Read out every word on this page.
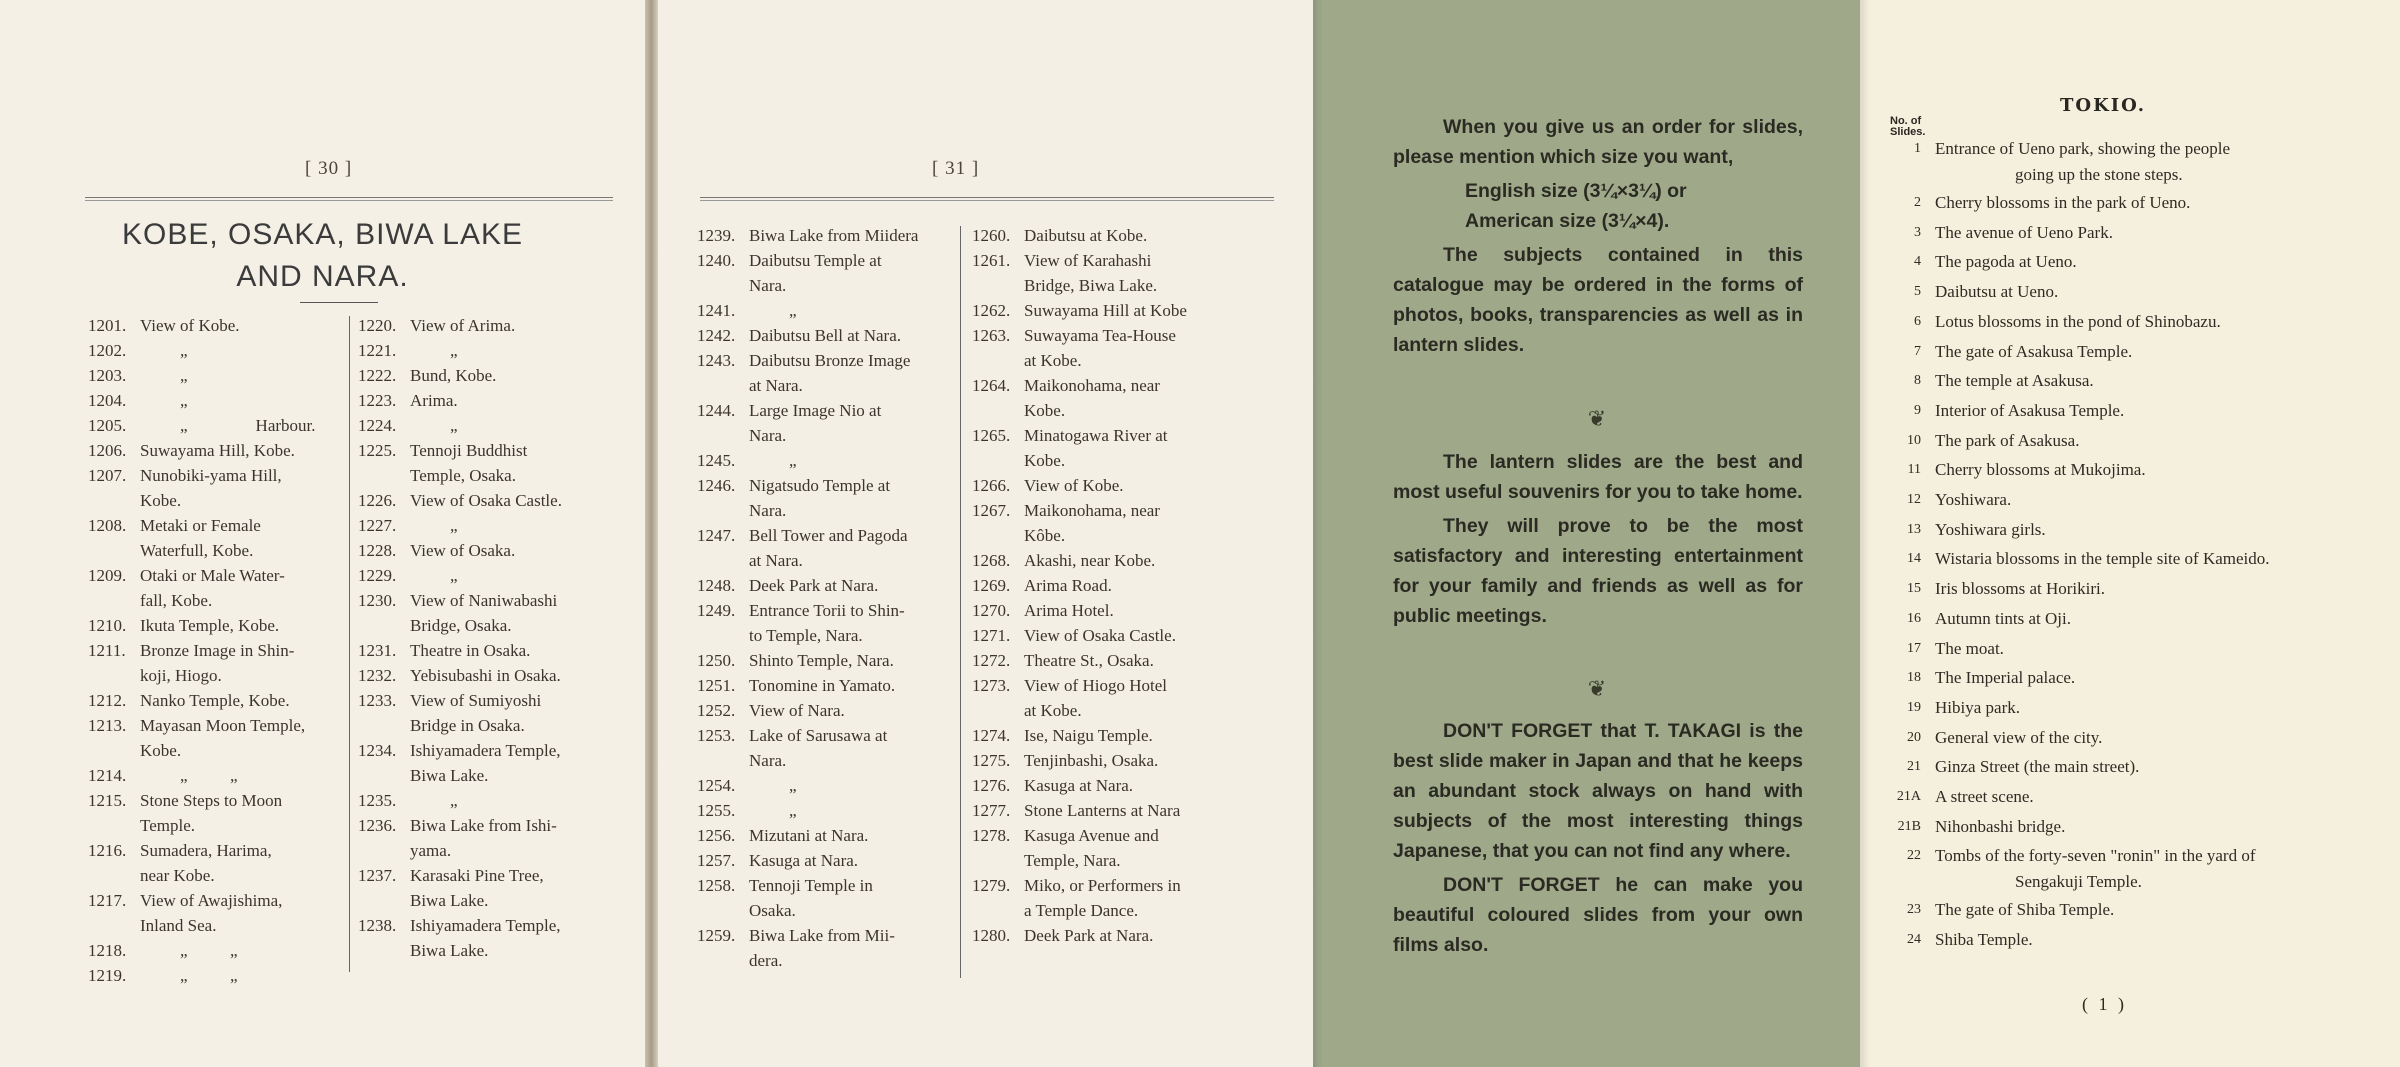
[ 30 ]
KOBE, OSAKA, BIWA LAKE
AND NARA.
1201. View of Kobe.
1202.	„
1203.	„
1204.	„
1205.	„                Harbour.
1206. Suwayama Hill, Kobe.
1207. Nunobiki-yama Hill,
Kobe.
1208. Metaki or Female
Waterfull, Kobe.
1209. Otaki or Male Water-
fall, Kobe.
1210. Ikuta Temple, Kobe.
1211. Bronze Image in Shin-
koji, Hiogo.
1212. Nanko Temple, Kobe.
1213. Mayasan Moon Temple,
Kobe.
1214.	„          „
1215. Stone Steps to Moon
Temple.
1216. Sumadera, Harima,
near Kobe.
1217. View of Awajishima,
Inland Sea.
1218.	„          „
1219.	„          „
1220. View of Arima.
1221.	„
1222. Bund, Kobe.
1223. Arima.
1224.	„
1225. Tennoji Buddhist
Temple, Osaka.
1226. View of Osaka Castle.
1227.	„
1228. View of Osaka.
1229.	„
1230. View of Naniwabashi
Bridge, Osaka.
1231. Theatre in Osaka.
1232. Yebisubashi in Osaka.
1233. View of Sumiyoshi
Bridge in Osaka.
1234. Ishiyamadera Temple,
Biwa Lake.
1235.	„
1236. Biwa Lake from Ishi-
yama.
1237. Karasaki Pine Tree,
Biwa Lake.
1238. Ishiyamadera Temple,
Biwa Lake.
[ 31 ]
1239. Biwa Lake from Miidera
1240. Daibutsu Temple at
Nara.
1241.	„
1242. Daibutsu Bell at Nara.
1243. Daibutsu Bronze Image
at Nara.
1244. Large Image Nio at
Nara.
1245.	„
1246. Nigatsudo Temple at
Nara.
1247. Bell Tower and Pagoda
at Nara.
1248. Deek Park at Nara.
1249. Entrance Torii to Shin-
to Temple, Nara.
1250. Shinto Temple, Nara.
1251. Tonomine in Yamato.
1252. View of Nara.
1253. Lake of Sarusawa at
Nara.
1254.	„
1255.	„
1256. Mizutani at Nara.
1257. Kasuga at Nara.
1258. Tennoji Temple in
Osaka.
1259. Biwa Lake from Mii-
dera.
1260. Daibutsu at Kobe.
1261. View of Karahashi
Bridge, Biwa Lake.
1262. Suwayama Hill at Kobe
1263. Suwayama Tea-House
at Kobe.
1264. Maikonohama, near
Kobe.
1265. Minatogawa River at
Kobe.
1266. View of Kobe.
1267. Maikonohama, near
Kôbe.
1268. Akashi, near Kobe.
1269. Arima Road.
1270. Arima Hotel.
1271. View of Osaka Castle.
1272. Theatre St., Osaka.
1273. View of Hiogo Hotel
at Kobe.
1274. Ise, Naigu Temple.
1275. Tenjinbashi, Osaka.
1276. Kasuga at Nara.
1277. Stone Lanterns at Nara
1278. Kasuga Avenue and
Temple, Nara.
1279. Miko, or Performers in
a Temple Dance.
1280. Deek Park at Nara.

When you give us an order for slides, please mention which size you want,

English size (3¼×3¼) or
American size (3¼×4).

The subjects contained in this catalogue may be ordered in the forms of photos, books, transparencies as well as in lantern slides.

❦

The lantern slides are the best and most useful souvenirs for you to take home.

They will prove to be the most satisfactory and interesting entertainment for your family and friends as well as for public meetings.

❦

DON'T FORGET that T. TAKAGI is the best slide maker in Japan and that he keeps an abundant stock always on hand with subjects of the most interesting things Japanese, that you can not find any where.

DON'T FORGET he can make you beautiful coloured slides from your own films also.

TOKIO.
No. of
Slides.
1 Entrance of Ueno park, showing the people
going up the stone steps.
2 Cherry blossoms in the park of Ueno.
3 The avenue of Ueno Park.
4 The pagoda at Ueno.
5 Daibutsu at Ueno.
6 Lotus blossoms in the pond of Shinobazu.
7 The gate of Asakusa Temple.
8 The temple at Asakusa.
9 Interior of Asakusa Temple.
10 The park of Asakusa.
11 Cherry blossoms at Mukojima.
12 Yoshiwara.
13 Yoshiwara girls.
14 Wistaria blossoms in the temple site of Kameido.
15 Iris blossoms at Horikiri.
16 Autumn tints at Oji.
17 The moat.
18 The Imperial palace.
19 Hibiya park.
20 General view of the city.
21 Ginza Street (the main street).
21A A street scene.
21B Nihonbashi bridge.
22 Tombs of the forty-seven "ronin" in the yard of
Sengakuji Temple.
23 The gate of Shiba Temple.
24 Shiba Temple.
( 1 )
